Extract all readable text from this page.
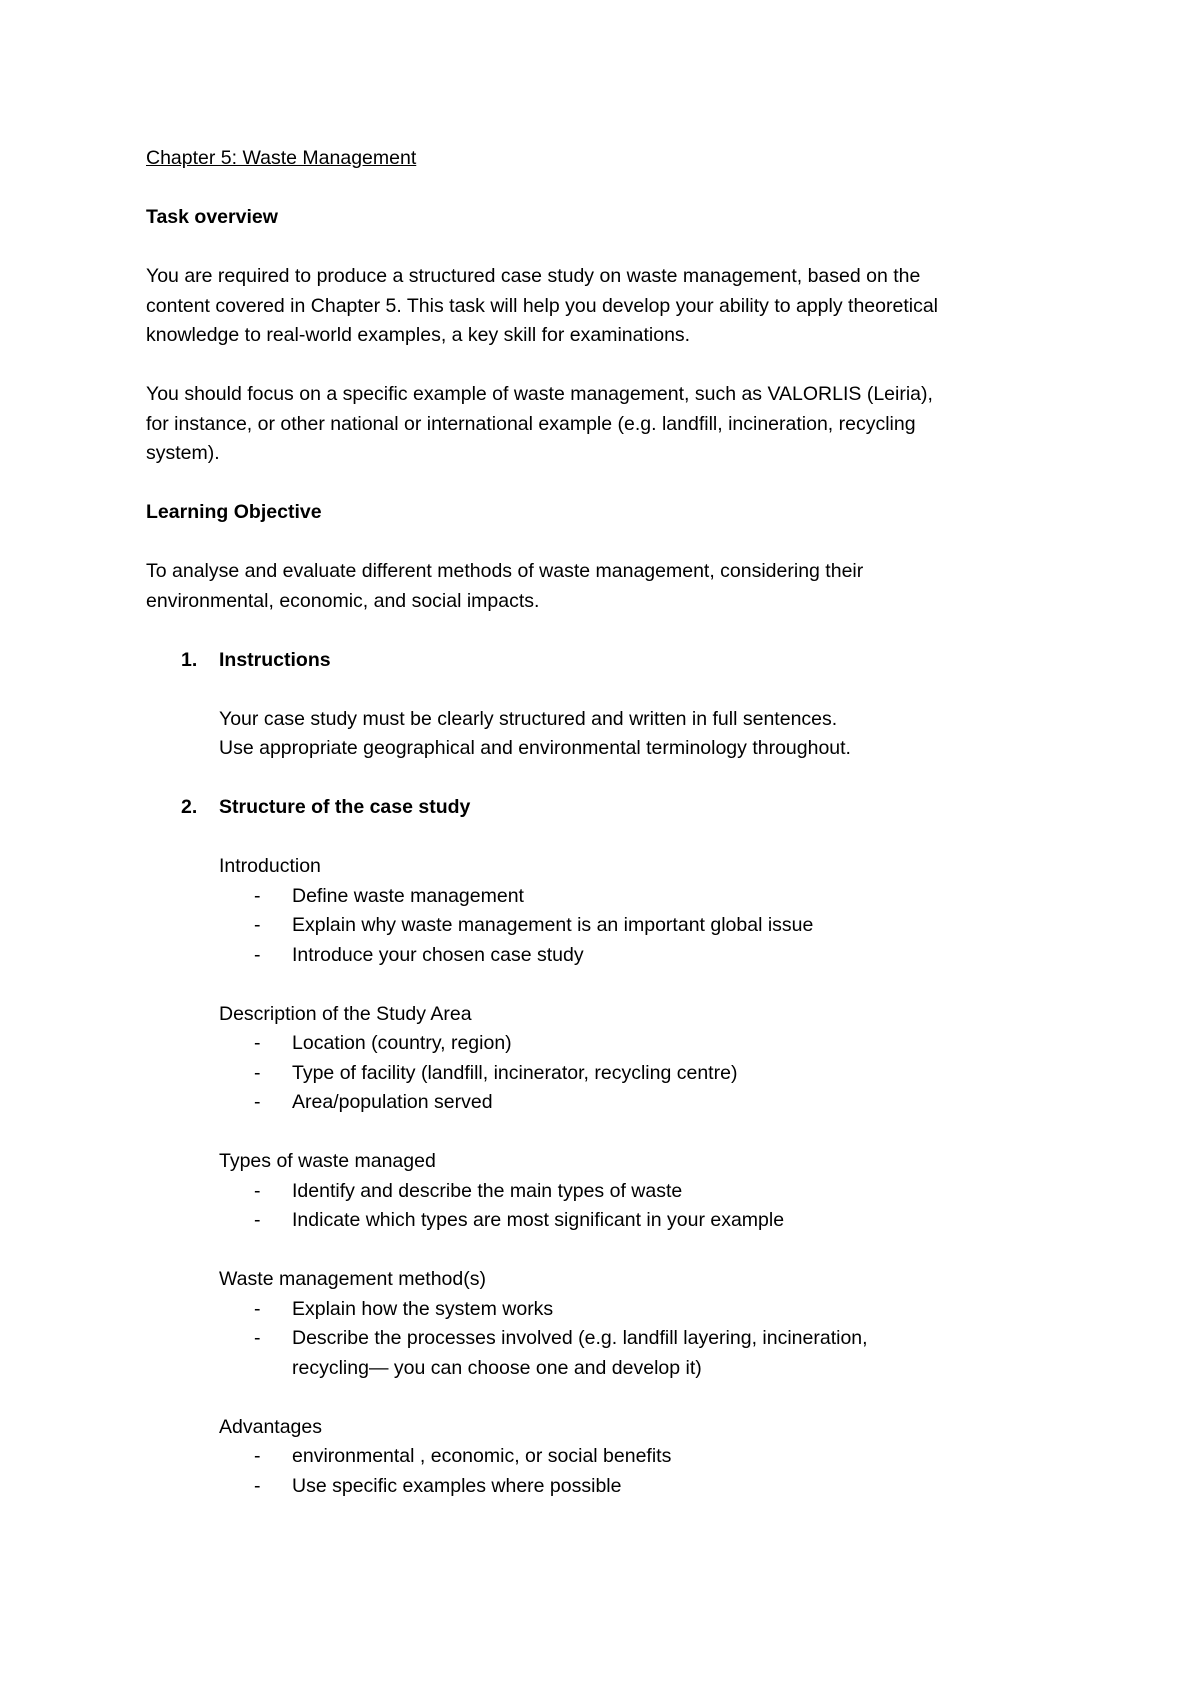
Chapter 5: Waste Management
Task overview
You are required to produce a structured case study on waste management, based on the
content covered in Chapter 5. This task will help you develop your ability to apply theoretical
knowledge to real-world examples, a key skill for examinations.
You should focus on a specific example of waste management, such as VALORLIS (Leiria),
for instance, or other national or international example (e.g. landfill, incineration, recycling
system).
Learning Objective
To analyse and evaluate different methods of waste management, considering their
environmental, economic, and social impacts.
1. Instructions
Your case study must be clearly structured and written in full sentences.
Use appropriate geographical and environmental terminology throughout.
2. Structure of the case study
Introduction
- Define waste management
- Explain why waste management is an important global issue
- Introduce your chosen case study
Description of the Study Area
- Location (country, region)
- Type of facility (landfill, incinerator, recycling centre)
- Area/population served
Types of waste managed
- Identify and describe the main types of waste
- Indicate which types are most significant in your example
Waste management method(s)
- Explain how the system works
- Describe the processes involved (e.g. landfill layering, incineration,
recycling— you can choose one and develop it)
Advantages
- environmental , economic, or social benefits
- Use specific examples where possible
